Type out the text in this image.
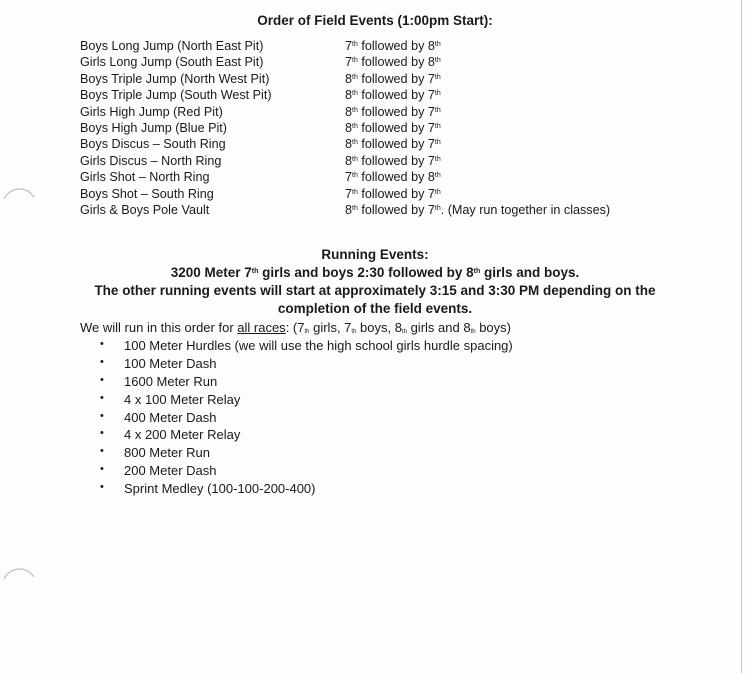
Order of Field Events (1:00pm Start):
Boys Long Jump (North East Pit)	7th followed by 8th
Girls Long Jump (South East Pit)	7th followed by 8th
Boys Triple Jump (North West Pit)	8th followed by 7th
Boys Triple Jump (South West Pit)	8th followed by 7th
Girls High Jump (Red Pit)	8th followed by 7th
Boys High Jump (Blue Pit)	8th followed by 7th
Boys Discus – South Ring	8th followed by 7th
Girls Discus – North Ring	8th followed by 7th
Girls Shot – North Ring	7th followed by 8th
Boys Shot – South Ring	7th followed by 7th
Girls & Boys Pole Vault	8th followed by 7th. (May run together in classes)
Running Events:
3200 Meter 7th girls and boys 2:30 followed by 8th girls and boys.
The other running events will start at approximately 3:15 and 3:30 PM depending on the
completion of the field events.
We will run in this order for all races: (7th girls, 7th boys, 8th girls and 8th boys)
• 100 Meter Hurdles (we will use the high school girls hurdle spacing)
• 100 Meter Dash
• 1600 Meter Run
• 4 x 100 Meter Relay
• 400 Meter Dash
• 4 x 200 Meter Relay
• 800 Meter Run
• 200 Meter Dash
• Sprint Medley (100-100-200-400)
